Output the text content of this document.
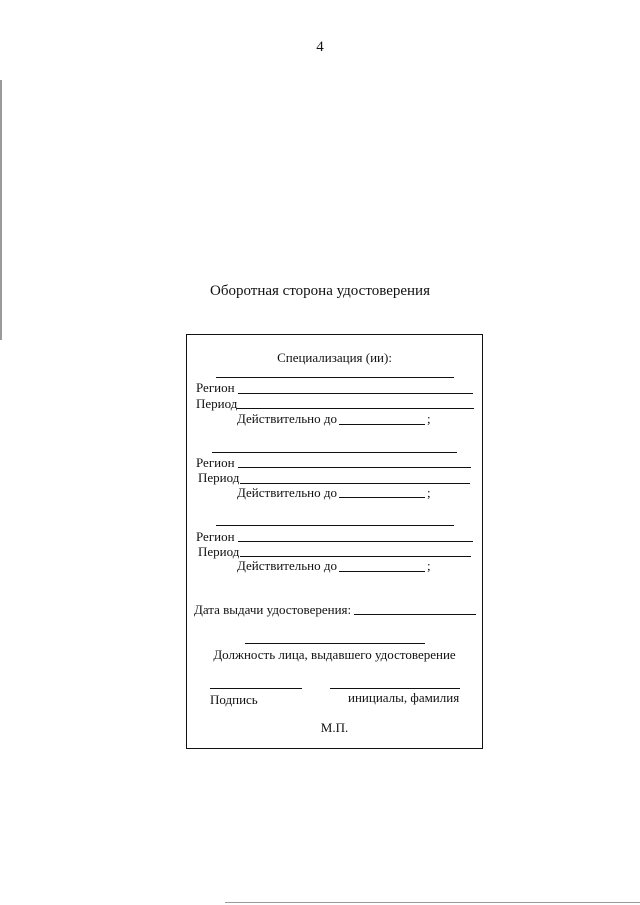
4
Оборотная сторона удостоверения
Специализация (ии):
Регион
Период
Действительно до	;
Регион
Период
Действительно до	;
Регион
Период
Действительно до	;
Дата выдачи удостоверения:
Должность лица, выдавшего удостоверение
Подпись	инициалы, фамилия
М.П.
